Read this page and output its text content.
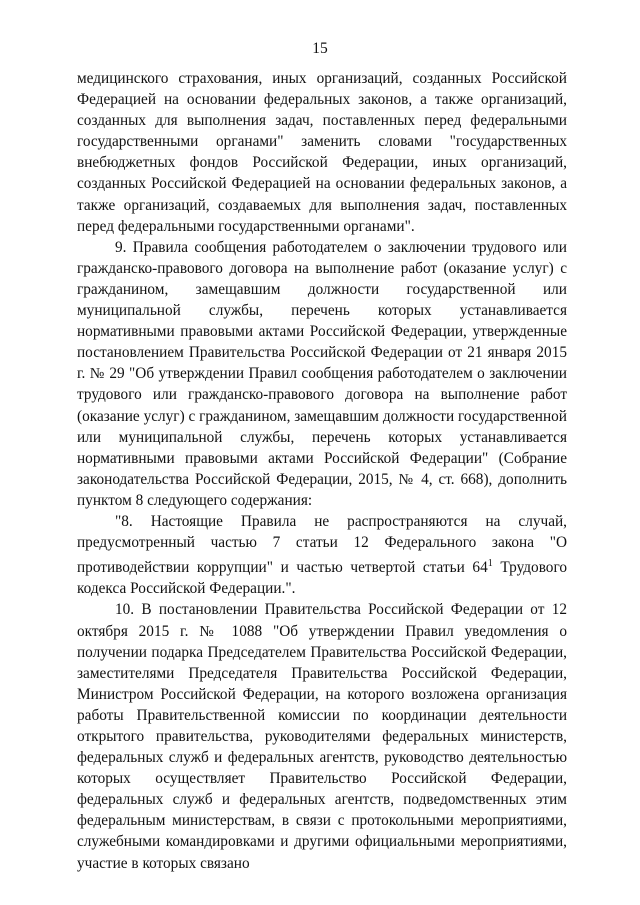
15

медицинского страхования, иных организаций, созданных Российской Федерацией на основании федеральных законов, а также организаций, созданных для выполнения задач, поставленных перед федеральными государственными органами" заменить словами "государственных внебюджетных фондов Российской Федерации, иных организаций, созданных Российской Федерацией на основании федеральных законов, а также организаций, создаваемых для выполнения задач, поставленных перед федеральными государственными органами".

9. Правила сообщения работодателем о заключении трудового или гражданско-правового договора на выполнение работ (оказание услуг) с гражданином, замещавшим должности государственной или муниципальной службы, перечень которых устанавливается нормативными правовыми актами Российской Федерации, утвержденные постановлением Правительства Российской Федерации от 21 января 2015 г. № 29 "Об утверждении Правил сообщения работодателем о заключении трудового или гражданско-правового договора на выполнение работ (оказание услуг) с гражданином, замещавшим должности государственной или муниципальной службы, перечень которых устанавливается нормативными правовыми актами Российской Федерации" (Собрание законодательства Российской Федерации, 2015, № 4, ст. 668), дополнить пунктом 8 следующего содержания:

"8. Настоящие Правила не распространяются на случай, предусмотренный частью 7 статьи 12 Федерального закона "О противодействии коррупции" и частью четвертой статьи $64^1$ Трудового кодекса Российской Федерации.".

10. В постановлении Правительства Российской Федерации от 12 октября 2015 г. № 1088 "Об утверждении Правил уведомления о получении подарка Председателем Правительства Российской Федерации, заместителями Председателя Правительства Российской Федерации, Министром Российской Федерации, на которого возложена организация работы Правительственной комиссии по координации деятельности открытого правительства, руководителями федеральных министерств, федеральных служб и федеральных агентств, руководство деятельностью которых осуществляет Правительство Российской Федерации, федеральных служб и федеральных агентств, подведомственных этим федеральным министерствам, в связи с протокольными мероприятиями, служебными командировками и другими официальными мероприятиями, участие в которых связано
